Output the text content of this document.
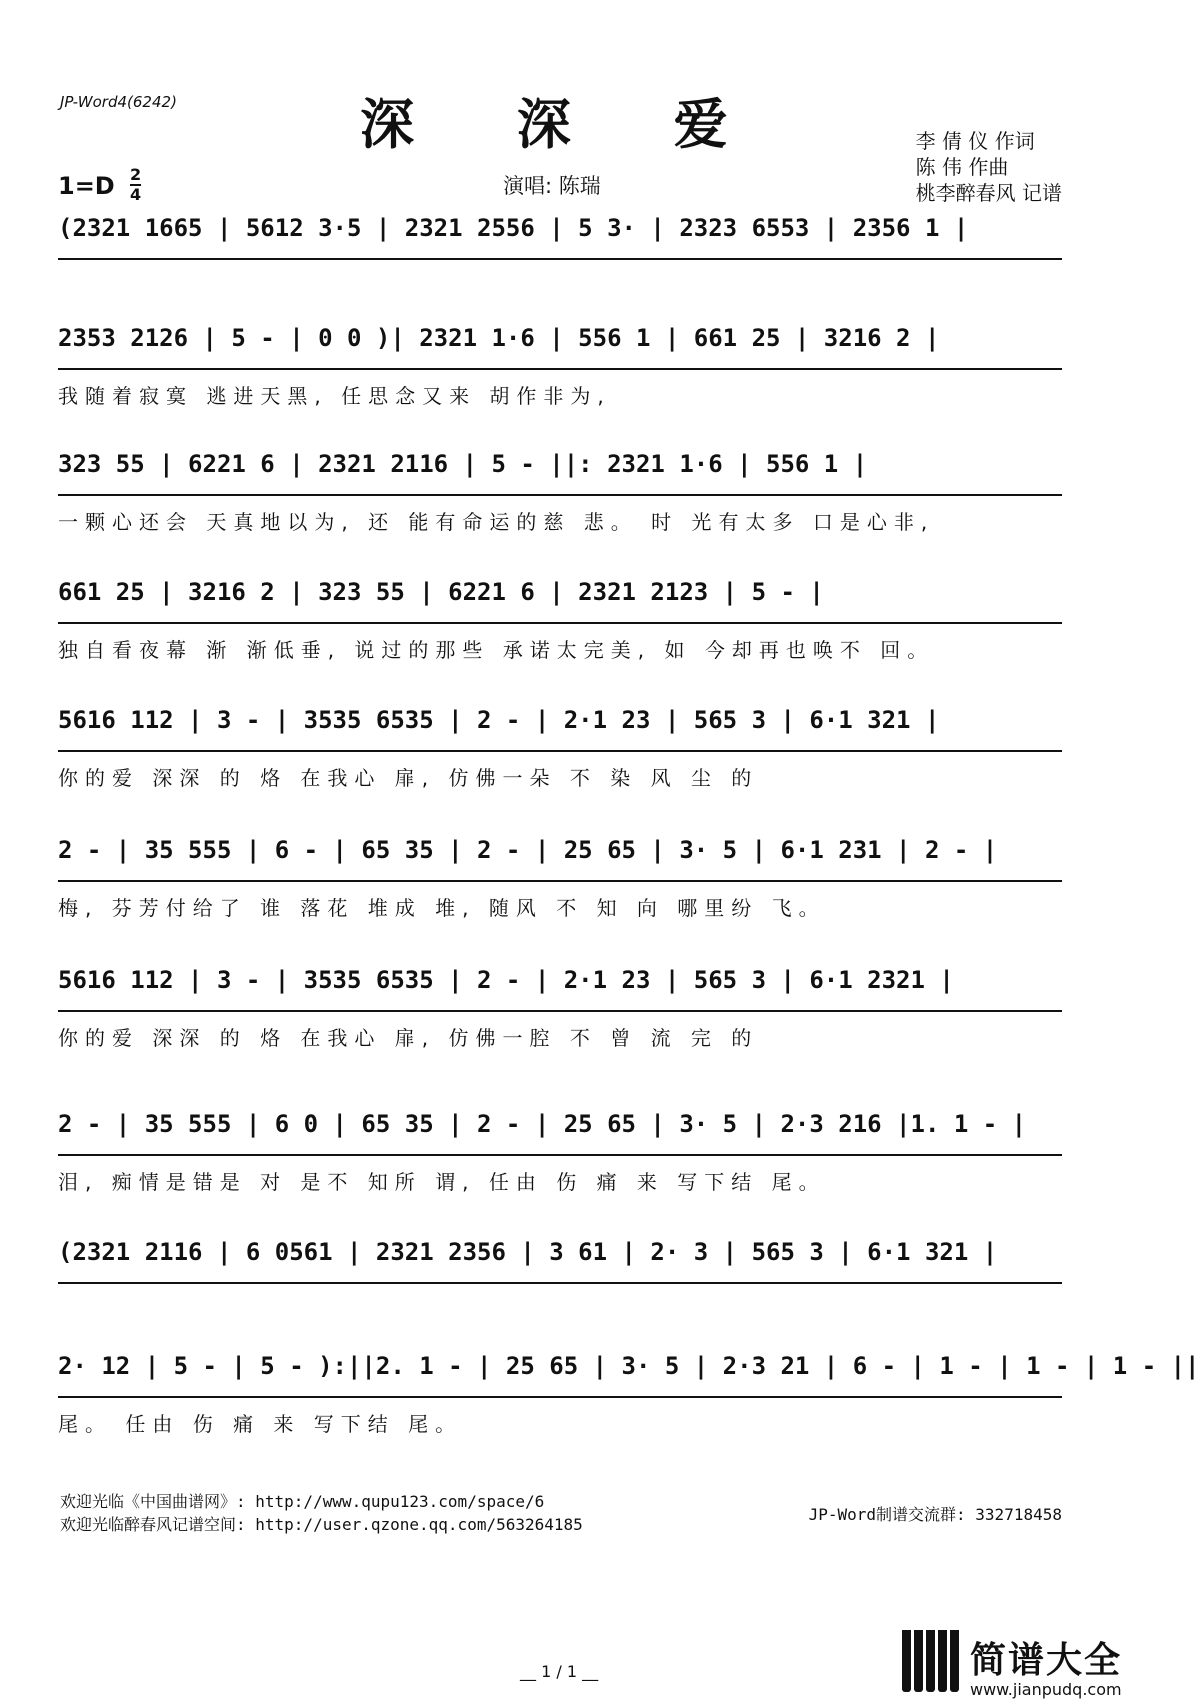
JP-Word4(6242)	深 深 爱	李 倩 仪 作词
陈 伟 作曲
桃李醉春风 记谱
1=D 2
4	演唱: 陈瑞
(2321 1665 | 5612 3·5 | 2321 2556 | 5 3· | 2323 6553 | 2356 1 |
2353 2126 | 5 - | 0 0 )| 2321 1·6 | 556 1 | 661 25 | 3216 2 |
我随着寂寞 逃进天黑, 任思念又来 胡作非为,
323 55 | 6221 6 | 2321 2116 | 5 - ||: 2321 1·6 | 556 1 |
一颗心还会 天真地以为, 还 能有命运的慈 悲。 时 光有太多 口是心非,
661 25 | 3216 2 | 323 55 | 6221 6 | 2321 2123 | 5 - |
独自看夜幕 渐 渐低垂, 说过的那些 承诺太完美, 如 今却再也唤不 回。
5616 112 | 3 - | 3535 6535 | 2 - | 2·1 23 | 565 3 | 6·1 321 |
你的爱 深深 的 烙 在我心 扉, 仿佛一朵 不 染 风 尘 的
2 - | 35 555 | 6 - | 65 35 | 2 - | 25 65 | 3· 5 | 6·1 231 | 2 - |
梅, 芬芳付给了 谁 落花 堆成 堆, 随风 不 知 向 哪里纷 飞。
5616 112 | 3 - | 3535 6535 | 2 - | 2·1 23 | 565 3 | 6·1 2321 |
你的爱 深深 的 烙 在我心 扉, 仿佛一腔 不 曾 流 完 的
2 - | 35 555 | 6 0 | 65 35 | 2 - | 25 65 | 3· 5 | 2·3 216 |1. 1 - |
泪, 痴情是错是 对 是不 知所 谓, 任由 伤 痛 来 写下结 尾。
(2321 2116 | 6 0561 | 2321 2356 | 3 61 | 2· 3 | 565 3 | 6·1 321 |
2· 12 | 5 - | 5 - ):||2. 1 - | 25 65 | 3· 5 | 2·3 21 | 6 - | 1 - | 1 - | 1 - ||
尾。 任由 伤 痛 来 写下结 尾。
欢迎光临《中国曲谱网》: http://www.qupu123.com/space/6
欢迎光临醉春风记谱空间: http://user.qzone.qq.com/563264185
JP-Word制谱交流群: 332718458
__ 1 / 1 __	简谱大全
www.jianpudq.com
